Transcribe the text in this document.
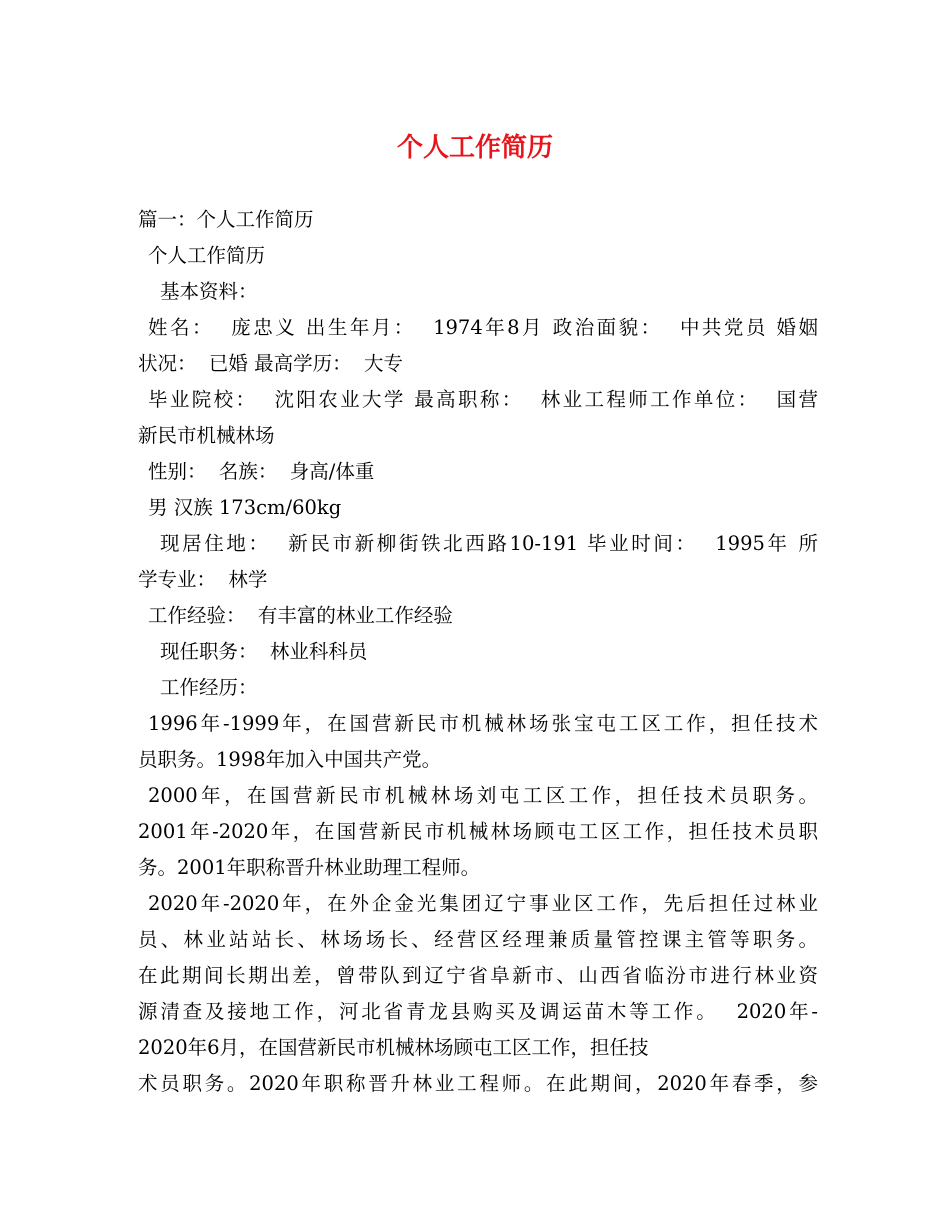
个人工作简历
篇一：个人工作简历
个人工作简历
基本资料：
姓名：  庞忠义 出生年月：  1974年8月 政治面貌：  中共党员 婚姻
状况：  已婚 最高学历：  大专
毕业院校：  沈阳农业大学 最高职称：  林业工程师工作单位：  国营
新民市机械林场
性别：  名族：  身高/体重
男 汉族 173cm/60kg
现居住地：  新民市新柳街铁北西路10-191 毕业时间：  1995年 所
学专业：  林学
工作经验：  有丰富的林业工作经验
现任职务：  林业科科员
工作经历：
1996年-1999年，在国营新民市机械林场张宝屯工区工作，担任技术
员职务。1998年加入中国共产党。
2000年，在国营新民市机械林场刘屯工区工作，担任技术员职务。
2001年-2020年，在国营新民市机械林场顾屯工区工作，担任技术员职
务。2001年职称晋升林业助理工程师。
2020年-2020年，在外企金光集团辽宁事业区工作，先后担任过林业
员、林业站站长、林场场长、经营区经理兼质量管控课主管等职务。
在此期间长期出差，曾带队到辽宁省阜新市、山西省临汾市进行林业资
源清查及接地工作，河北省青龙县购买及调运苗木等工作。  2020年-
2020年6月，在国营新民市机械林场顾屯工区工作，担任技
术员职务。2020年职称晋升林业工程师。在此期间，2020年春季，参
